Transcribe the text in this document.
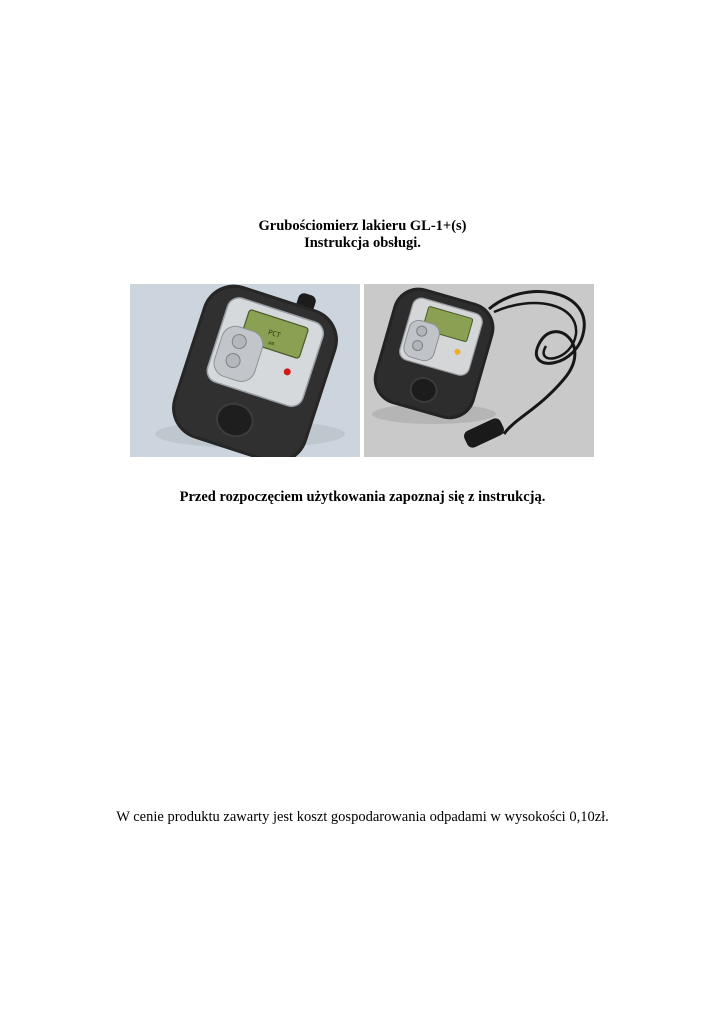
Grubościomierz lakieru GL-1+(s)
Instrukcja obsługi.
PCT
μm
Przed rozpoczęciem użytkowania zapoznaj się z instrukcją.
W cenie produktu zawarty jest koszt gospodarowania odpadami w wysokości 0,10zł.
